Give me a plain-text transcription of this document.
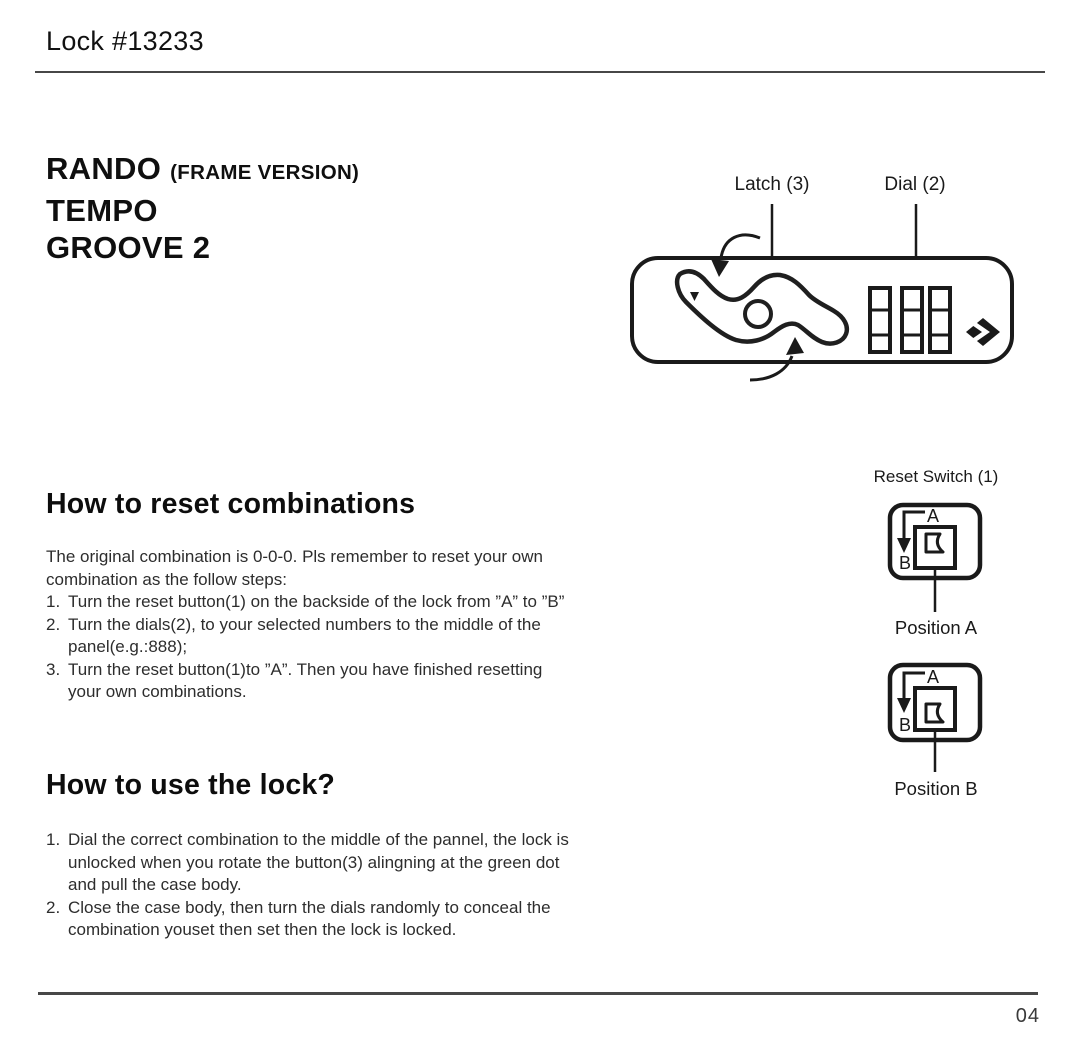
Lock #13233
RANDO (FRAME VERSION)
TEMPO
GROOVE 2
Latch (3)	Dial (2)
Reset Switch (1)
A
B
Position A
A
B
Position B
How to reset combinations
The original combination is 0-0-0. Pls remember to reset your own
combination as the follow steps:
1. Turn the reset button(1) on the backside of the lock from ”A” to ”B”
2. Turn the dials(2), to your selected numbers to the middle of the
panel(e.g.:888);
3. Turn the reset button(1)to ”A”. Then you have finished resetting
your own combinations.
How to use the lock?
1. Dial the correct combination to the middle of the pannel, the lock is
unlocked when you rotate the button(3) alingning at the green dot
and pull the case body.
2. Close the case body, then turn the dials randomly to conceal the
combination youset then set then the lock is locked.
04
